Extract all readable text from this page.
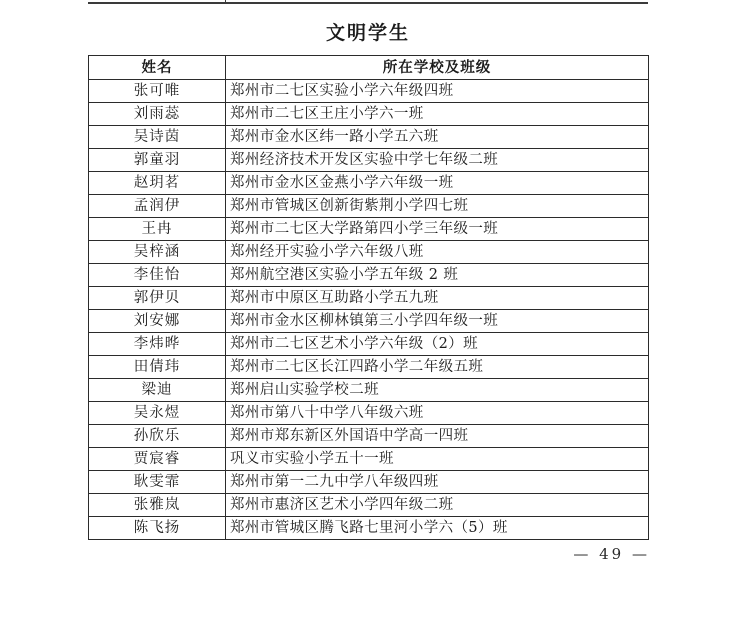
文明学生
姓名	所在学校及班级
张可唯	郑州市二七区实验小学六年级四班
刘雨蕊	郑州市二七区王庄小学六一班
吴诗茵	郑州市金水区纬一路小学五六班
郭童羽	郑州经济技术开发区实验中学七年级二班
赵玥茗	郑州市金水区金燕小学六年级一班
孟润伊	郑州市管城区创新街紫荆小学四七班
王冉	郑州市二七区大学路第四小学三年级一班
吴梓涵	郑州经开实验小学六年级八班
李佳怡	郑州航空港区实验小学五年级 2 班
郭伊贝	郑州市中原区互助路小学五九班
刘安娜	郑州市金水区柳林镇第三小学四年级一班
李炜晔	郑州市二七区艺术小学六年级（2）班
田倩玮	郑州市二七区长江四路小学二年级五班
梁迪	郑州启山实验学校二班
吴永煜	郑州市第八十中学八年级六班
孙欣乐	郑州市郑东新区外国语中学高一四班
贾宸睿	巩义市实验小学五十一班
耿雯霏	郑州市第一二九中学八年级四班
张雅岚	郑州市惠济区艺术小学四年级二班
陈飞扬	郑州市管城区腾飞路七里河小学六（5）班
— 49 —
